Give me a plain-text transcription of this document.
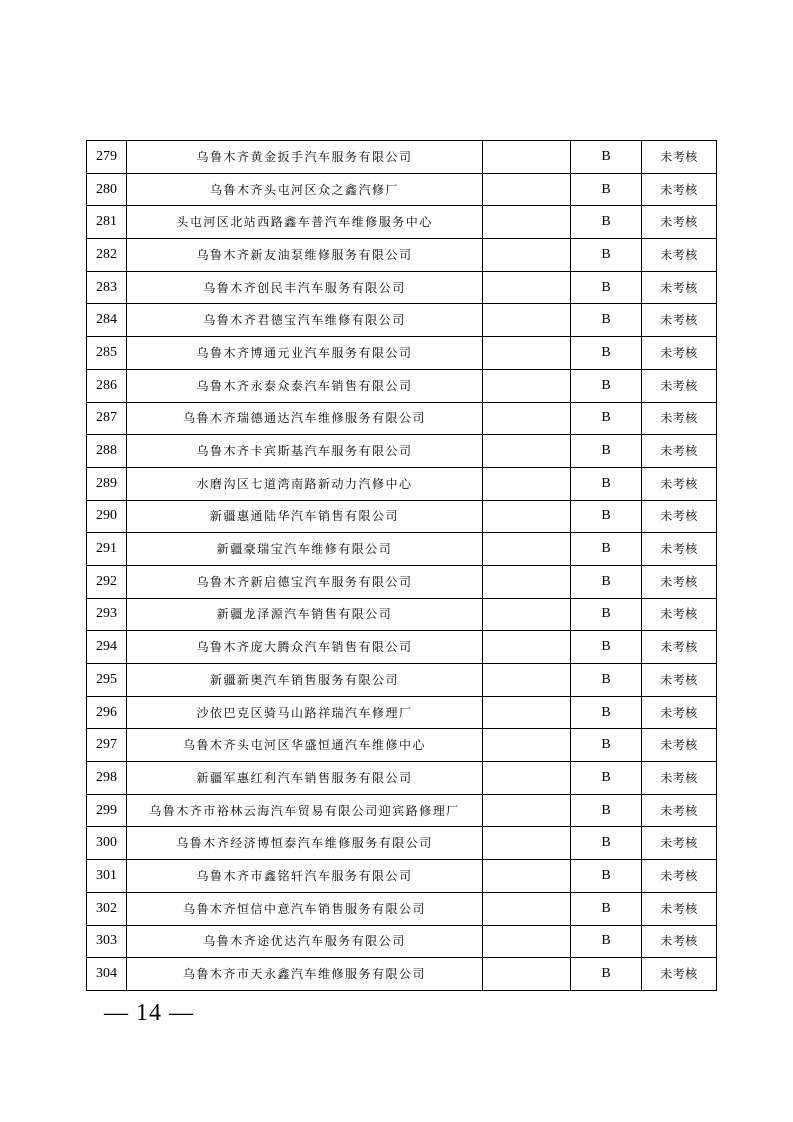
279	乌鲁木齐黄金扳手汽车服务有限公司		B	未考核
280	乌鲁木齐头屯河区众之鑫汽修厂		B	未考核
281	头屯河区北站西路鑫车普汽车维修服务中心		B	未考核
282	乌鲁木齐新友油泵维修服务有限公司		B	未考核
283	乌鲁木齐创民丰汽车服务有限公司		B	未考核
284	乌鲁木齐君德宝汽车维修有限公司		B	未考核
285	乌鲁木齐博通元业汽车服务有限公司		B	未考核
286	乌鲁木齐永泰众泰汽车销售有限公司		B	未考核
287	乌鲁木齐瑞德通达汽车维修服务有限公司		B	未考核
288	乌鲁木齐卡宾斯基汽车服务有限公司		B	未考核
289	水磨沟区七道湾南路新动力汽修中心		B	未考核
290	新疆惠通陆华汽车销售有限公司		B	未考核
291	新疆豪瑞宝汽车维修有限公司		B	未考核
292	乌鲁木齐新启德宝汽车服务有限公司		B	未考核
293	新疆龙泽源汽车销售有限公司		B	未考核
294	乌鲁木齐庞大腾众汽车销售有限公司		B	未考核
295	新疆新奥汽车销售服务有限公司		B	未考核
296	沙依巴克区骑马山路祥瑞汽车修理厂		B	未考核
297	乌鲁木齐头屯河区华盛恒通汽车维修中心		B	未考核
298	新疆军惠红利汽车销售服务有限公司		B	未考核
299	乌鲁木齐市裕林云海汽车贸易有限公司迎宾路修理厂		B	未考核
300	乌鲁木齐经济博恒泰汽车维修服务有限公司		B	未考核
301	乌鲁木齐市鑫铭轩汽车服务有限公司		B	未考核
302	乌鲁木齐恒信中意汽车销售服务有限公司		B	未考核
303	乌鲁木齐途优达汽车服务有限公司		B	未考核
304	乌鲁木齐市天永鑫汽车维修服务有限公司		B	未考核
— 14 —
